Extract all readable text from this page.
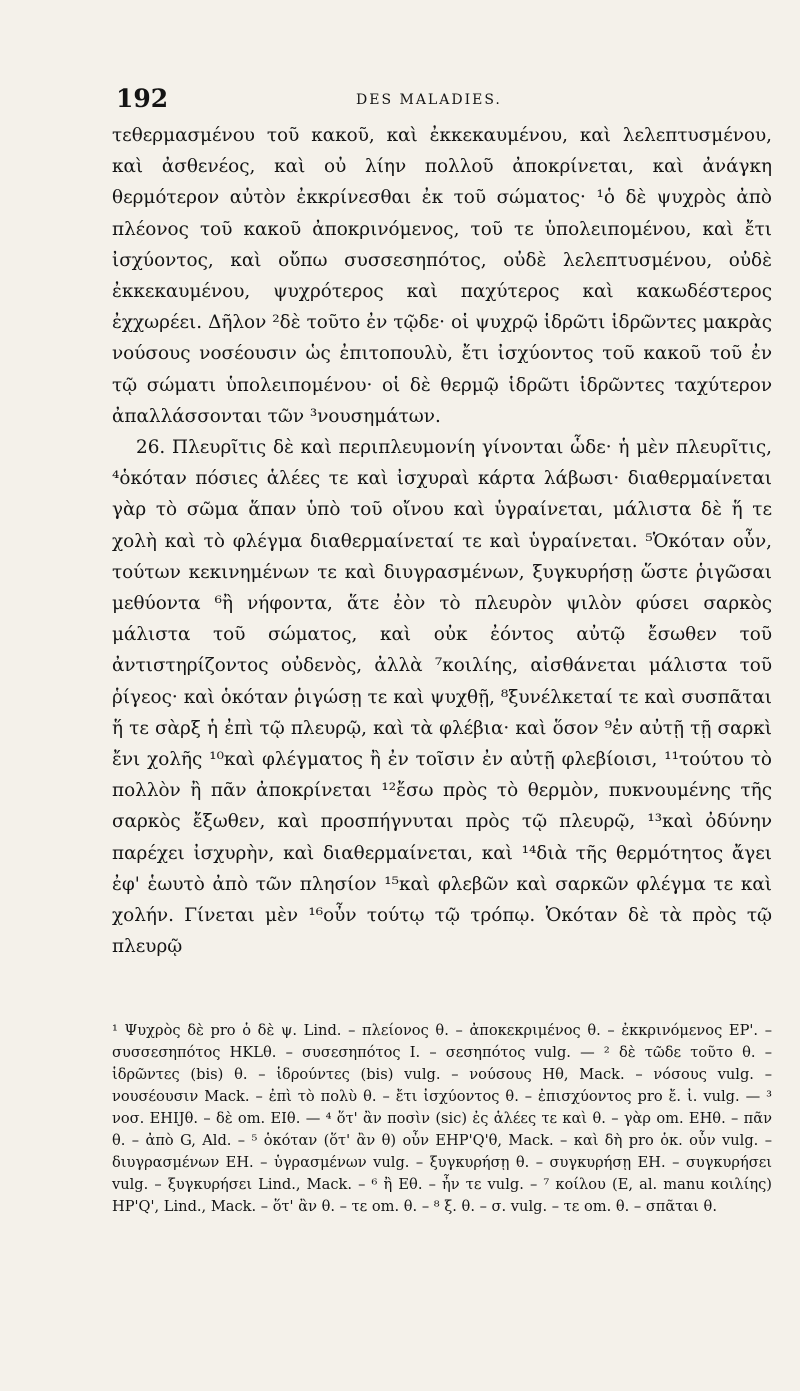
192	DES MALADIES.

τεθερμασμένου τοῦ κακοῦ, καὶ ἐκκεκαυμένου, καὶ λελεπτυσμένου, καὶ ἀσθενέος, καὶ οὐ λίην πολλοῦ ἀποκρίνεται, καὶ ἀνάγκη θερμότερον αὐτὸν ἐκκρίνεσθαι ἐκ τοῦ σώματος· ¹ὁ δὲ ψυχρὸς ἀπὸ πλέονος τοῦ κακοῦ ἀποκρινόμενος, τοῦ τε ὑπολειπομένου, καὶ ἔτι ἰσχύοντος, καὶ οὔπω συσσεσηπότος, οὐδὲ λελεπτυσμένου, οὐδὲ ἐκκεκαυμένου, ψυχρότερος καὶ παχύτερος καὶ κακωδέστερος ἐχχωρέει. Δῆλον ²δὲ τοῦτο ἐν τῷδε· οἱ ψυχρῷ ἱδρῶτι ἱδρῶντες μακρὰς νούσους νοσέουσιν ὡς ἐπιτοπουλὺ, ἔτι ἰσχύοντος τοῦ κακοῦ τοῦ ἐν τῷ σώματι ὑπολειπομένου· οἱ δὲ θερμῷ ἱδρῶτι ἱδρῶντες ταχύτερον ἀπαλλάσσονται τῶν ³νουσημάτων.

26. Πλευρῖτις δὲ καὶ περιπλευμονίη γίνονται ὧδε· ἡ μὲν πλευρῖτις, ⁴ὁκόταν πόσιες ἁλέες τε καὶ ἰσχυραὶ κάρτα λάβωσι· διαθερμαίνεται γὰρ τὸ σῶμα ἅπαν ὑπὸ τοῦ οἴνου καὶ ὑγραίνεται, μάλιστα δὲ ἥ τε χολὴ καὶ τὸ φλέγμα διαθερμαίνεταί τε καὶ ὑγραίνεται. ⁵Ὁκόταν οὖν, τούτων κεκινημένων τε καὶ διυγρασμένων, ξυγκυρήσῃ ὥστε ῥιγῶσαι μεθύοντα ⁶ἢ νήφοντα, ἅτε ἐὸν τὸ πλευρὸν ψιλὸν φύσει σαρκὸς μάλιστα τοῦ σώματος, καὶ οὐκ ἐόντος αὐτῷ ἔσωθεν τοῦ ἀντιστηρίζοντος οὐδενὸς, ἀλλὰ ⁷κοιλίης, αἰσθάνεται μάλιστα τοῦ ῥίγεος· καὶ ὁκόταν ῥιγώσῃ τε καὶ ψυχθῇ, ⁸ξυνέλκεταί τε καὶ συσπᾶται ἥ τε σὰρξ ἡ ἐπὶ τῷ πλευρῷ, καὶ τὰ φλέβια· καὶ ὅσον ⁹ἐν αὐτῇ τῇ σαρκὶ ἔνι χολῆς ¹⁰καὶ φλέγματος ἢ ἐν τοῖσιν ἐν αὐτῇ φλεβίοισι, ¹¹τούτου τὸ πολλὸν ἢ πᾶν ἀποκρίνεται ¹²ἔσω πρὸς τὸ θερμὸν, πυκνουμένης τῆς σαρκὸς ἔξωθεν, καὶ προσπήγνυται πρὸς τῷ πλευρῷ, ¹³καὶ ὀδύνην παρέχει ἰσχυρὴν, καὶ διαθερμαίνεται, καὶ ¹⁴διὰ τῆς θερμότητος ἄγει ἐφ' ἑωυτὸ ἀπὸ τῶν πλησίον ¹⁵καὶ φλεβῶν καὶ σαρκῶν φλέγμα τε καὶ χολήν. Γίνεται μὲν ¹⁶οὖν τούτῳ τῷ τρόπῳ. Ὁκόταν δὲ τὰ πρὸς τῷ πλευρῷ

¹ Ψυχρὸς δὲ pro ὁ δὲ ψ. Lind. – πλείονος θ. – ἀποκεκριμένος θ. – ἐκκρινόμενος EP'. – συσσεσηπότος HKLθ. – συσεσηπότος I. – σεσηπότος vulg. — ² δὲ τῶδε τοῦτο θ. – ἱδρῶντες (bis) θ. – ἱδρούντες (bis) vulg. – νούσους Hθ, Mack. – νόσους vulg. – νουσέουσιν Mack. – ἐπὶ τὸ πολὺ θ. – ἔτι ἰσχύοντος θ. – ἐπισχύοντος pro ἔ. ἰ. vulg. — ³ νοσ. EHIJθ. – δὲ om. EIθ. — ⁴ ὅτ' ἂν ποσὶν (sic) ἐς ἁλέες τε καὶ θ. – γὰρ om. EHθ. – πᾶν θ. – ἀπὸ G, Ald. – ⁵ ὁκόταν (ὅτ' ἂν θ) οὖν EHP'Q'θ, Mack. – καὶ δὴ pro ὁκ. οὖν vulg. – διυγρασμένων EH. – ὑγρασμένων vulg. – ξυγκυρήσῃ θ. – συγκυρήσῃ EH. – συγκυρήσει vulg. – ξυγκυρήσει Lind., Mack. – ⁶ ἢ Eθ. – ἦν τε vulg. – ⁷ κοίλου (E, al. manu κοιλίης) HP'Q', Lind., Mack. – ὅτ' ἂν θ. – τε om. θ. – ⁸ ξ. θ. – σ. vulg. – τε om. θ. – σπᾶται θ.
